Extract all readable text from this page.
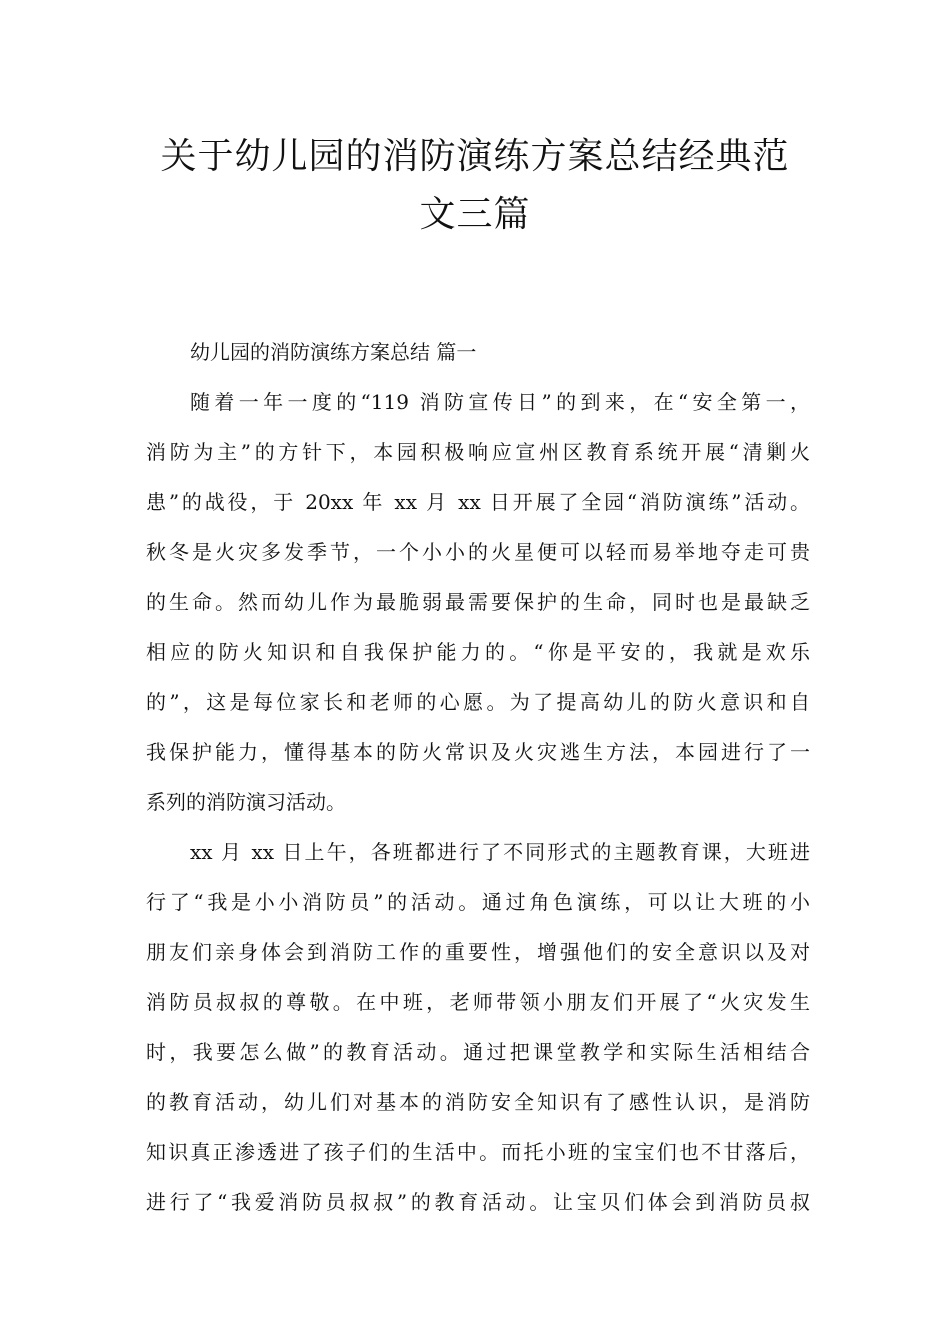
关于幼儿园的消防演练方案总结经典范
文三篇
幼儿园的消防演练方案总结 篇一
随着一年一度的“119 消防宣传日”的到来，在“安全第一，
消防为主”的方针下，本园积极响应宣州区教育系统开展“清剿火
患”的战役，于 20xx 年 xx 月 xx 日开展了全园“消防演练”活动。
秋冬是火灾多发季节，一个小小的火星便可以轻而易举地夺走可贵
的生命。然而幼儿作为最脆弱最需要保护的生命，同时也是最缺乏
相应的防火知识和自我保护能力的。“你是平安的，我就是欢乐
的”，这是每位家长和老师的心愿。为了提高幼儿的防火意识和自
我保护能力，懂得基本的防火常识及火灾逃生方法，本园进行了一
系列的消防演习活动。
xx 月 xx 日上午，各班都进行了不同形式的主题教育课，大班进
行了“我是小小消防员”的活动。通过角色演练，可以让大班的小
朋友们亲身体会到消防工作的重要性，增强他们的安全意识以及对
消防员叔叔的尊敬。在中班，老师带领小朋友们开展了“火灾发生
时，我要怎么做”的教育活动。通过把课堂教学和实际生活相结合
的教育活动，幼儿们对基本的消防安全知识有了感性认识，是消防
知识真正渗透进了孩子们的生活中。而托小班的宝宝们也不甘落后，
进行了“我爱消防员叔叔”的教育活动。让宝贝们体会到消防员叔
